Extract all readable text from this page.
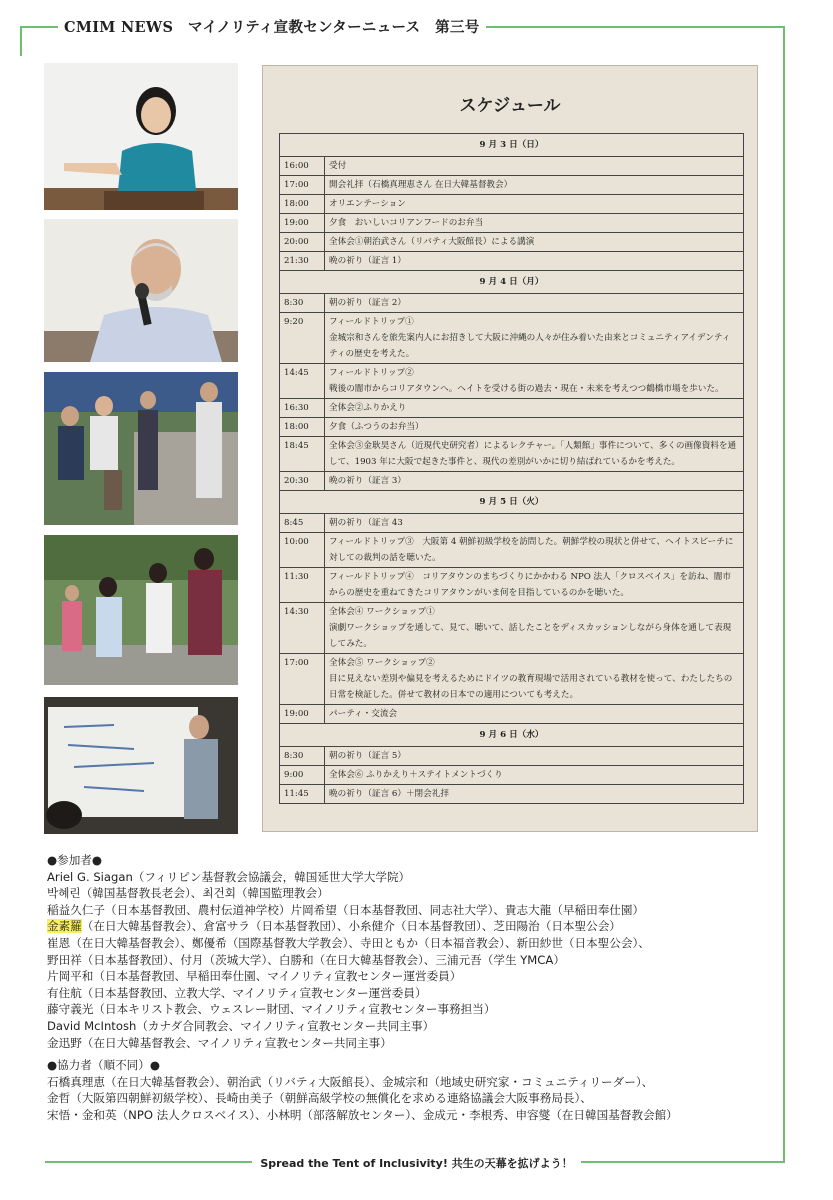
CMIM NEWS　マイノリティ宣教センターニュース　第三号
スケジュール
9 月 3 日（日）	
16:00	受付
17:00	開会礼拝（石橋真理恵さん 在日大韓基督教会）
18:00	オリエンテーション
19:00	夕食　おいしいコリアンフードのお弁当
20:00	全体会①朝治武さん（リバティ大阪館長）による講演
21:30	晩の祈り（証言 1）
9 月 4 日（月）	
8:30	朝の祈り（証言 2）
9:20	フィールドトリップ①
金城宗和さんを旅先案内人にお招きして大阪に沖縄の人々が住み着いた由来とコミュニティアイデンティティの歴史を考えた。
14:45	フィールドトリップ②
戦後の闇市からコリアタウンへ。ヘイトを受ける街の過去・現在・未来を考えつつ鶴橋市場を歩いた。
16:30	全体会②ふりかえり
18:00	夕食（ふつうのお弁当）
18:45	全体会③金耿昊さん（近現代史研究者）によるレクチャー。「人類館」事件について、多くの画像資料を通して、1903 年に大阪で起きた事件と、現代の差別がいかに切り結ばれているかを考えた。
20:30	晩の祈り（証言 3）
9 月 5 日（火）	
8:45	朝の祈り（証言 43
10:00	フィールドトリップ③　大阪第 4 朝鮮初級学校を訪問した。朝鮮学校の現状と併せて、ヘイトスピーチに対しての裁判の話を聴いた。
11:30	フィールドトリップ④　コリアタウンのまちづくりにかかわる NPO 法人「クロスベイス」を訪ね、闇市からの歴史を重ねてきたコリアタウンがいま何を目指しているのかを聴いた。
14:30	全体会④ ワークショップ①
演劇ワークショップを通して、見て、聴いて、話したことをディスカッションしながら身体を通して表現してみた。
17:00	全体会⑤ ワークショップ②
目に見えない差別や偏見を考えるためにドイツの教育現場で活用されている教材を使って、わたしたちの日常を検証した。併せて教材の日本での適用についても考えた。
19:00	パーティ・交流会
9 月 6 日（水）	
8:30	朝の祈り（証言 5）
9:00	全体会⑥ ふりかえり＋ステイトメントづくり
11:45	晩の祈り（証言 6）＋閉会礼拝
●参加者●
Ariel G. Siagan（フィリピン基督教会協議会，韓国延世大学大学院）
박혜린（韓国基督教長老会）、최건회（韓国監理教会）
稲益久仁子（日本基督教団、農村伝道神学校）片岡希望（日本基督教団、同志社大学）、貴志大龍（早稲田奉仕園）
金素羅（在日大韓基督教会）、倉富サラ（日本基督教団）、小糸健介（日本基督教団）、芝田陽治（日本聖公会）
崔恩（在日大韓基督教会）、鄭優希（国際基督教大学教会）、寺田ともか（日本福音教会）、新田紗世（日本聖公会）、
野田祥（日本基督教団）、付月（茨城大学）、白勝和（在日大韓基督教会）、三浦元吾（学生 YMCA）
片岡平和（日本基督教団、早稲田奉仕園、マイノリティ宣教センター運営委員）
有住航（日本基督教団、立教大学、マイノリティ宣教センター運営委員）
藤守義光（日本キリスト教会、ウェスレー財団、マイノリティ宣教センター事務担当）
David McIntosh（カナダ合同教会、マイノリティ宣教センター共同主事）
金迅野（在日大韓基督教会、マイノリティ宣教センター共同主事）
●協力者（順不同）●
石橋真理恵（在日大韓基督教会）、朝治武（リバティ大阪館長）、金城宗和（地域史研究家・コミュニティリーダー）、
金哲（大阪第四朝鮮初級学校）、長崎由美子（朝鮮高級学校の無償化を求める連絡協議会大阪事務局長）、
宋悟・金和英（NPO 法人クロスベイス）、小林明（部落解放センター）、金成元・李根秀、申容燮（在日韓国基督教会館）
Spread the Tent of Inclusivity! 共生の天幕を拡げよう！
